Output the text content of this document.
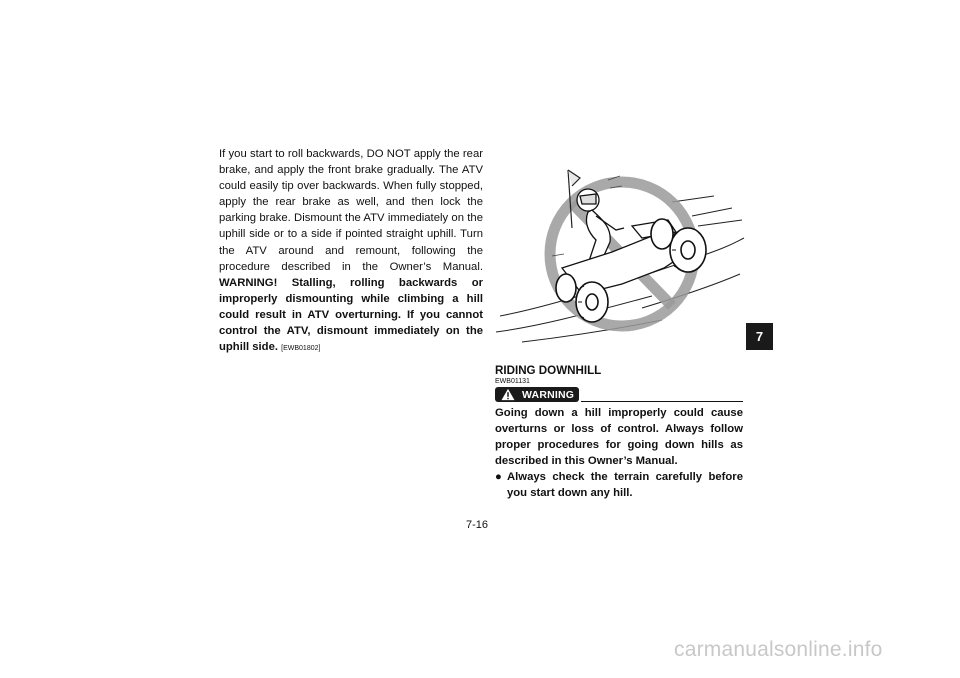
If you start to roll backwards, DO NOT apply the rear brake, and apply the front brake gradually. The ATV could easily tip over backwards. When fully stopped, apply the rear brake as well, and then lock the parking brake. Dismount the ATV immediately on the uphill side or to a side if pointed straight uphill. Turn the ATV around and remount, following the procedure described in the Owner’s Manual. WARNING! Stalling, rolling backwards or improperly dismounting while climbing a hill could result in ATV overturning. If you cannot control the ATV, dismount immediately on the uphill side. [EWB01802]
RIDING DOWNHILL
EWB01131
WARNING
Going down a hill improperly could cause overturns or loss of control. Always follow proper procedures for going down hills as described in this Owner’s Manual.
● Always check the terrain carefully before you start down any hill.
7
7-16
carmanualsonline.info
